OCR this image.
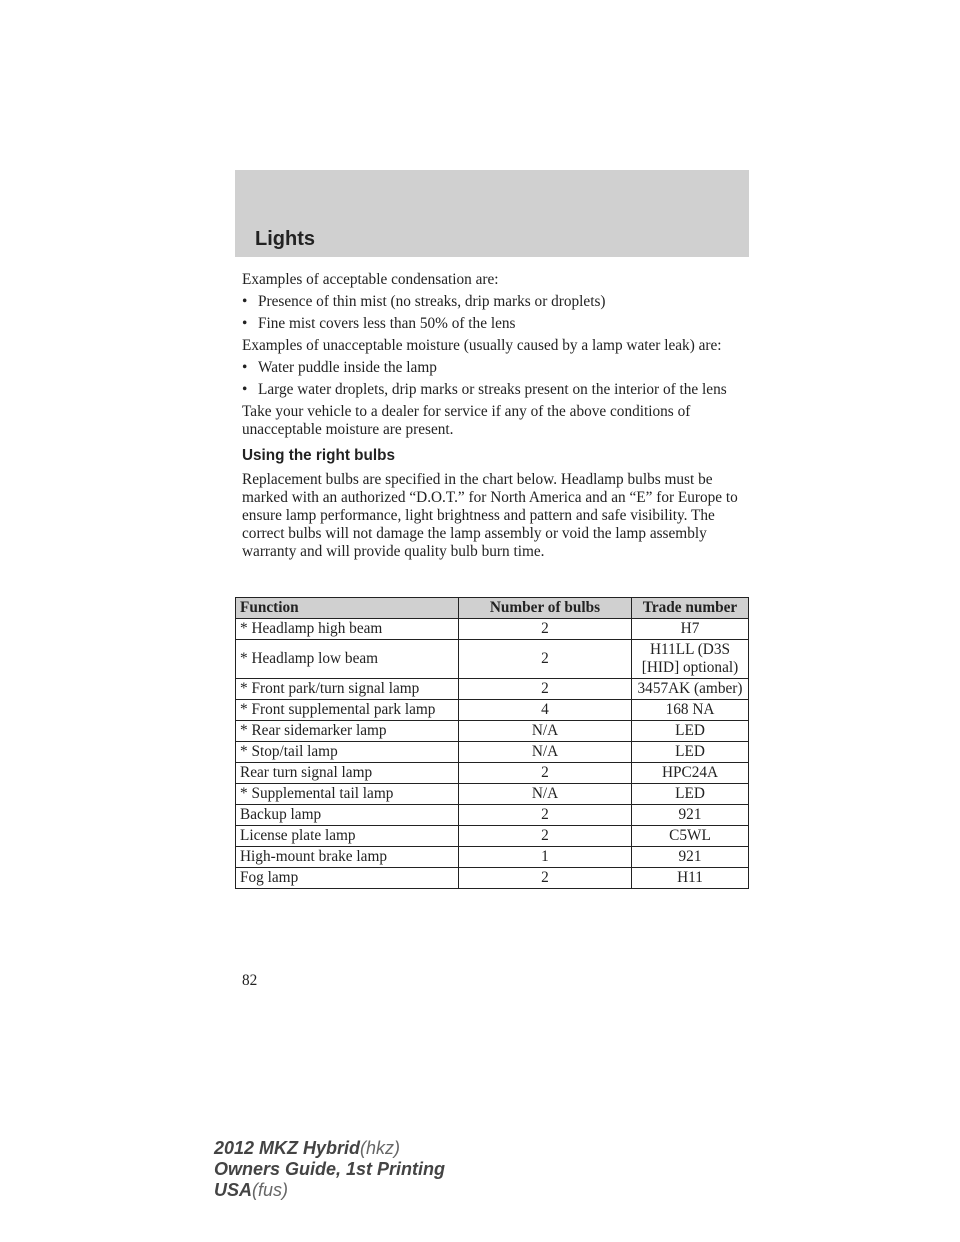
Lights

Examples of acceptable condensation are:

• Presence of thin mist (no streaks, drip marks or droplets)
• Fine mist covers less than 50% of the lens

Examples of unacceptable moisture (usually caused by a lamp water leak) are:

• Water puddle inside the lamp
• Large water droplets, drip marks or streaks present on the interior of the lens

Take your vehicle to a dealer for service if any of the above conditions of unacceptable moisture are present.

Using the right bulbs

Replacement bulbs are specified in the chart below. Headlamp bulbs must be marked with an authorized “D.O.T.” for North America and an “E” for Europe to ensure lamp performance, light brightness and pattern and safe visibility. The correct bulbs will not damage the lamp assembly or void the lamp assembly warranty and will provide quality bulb burn time.

Function	Number of bulbs	Trade number
* Headlamp high beam	2	H7
* Headlamp low beam	2	H11LL (D3S [HID] optional)
* Front park/turn signal lamp	2	3457AK (amber)
* Front supplemental park lamp	4	168 NA
* Rear sidemarker lamp	N/A	LED
* Stop/tail lamp	N/A	LED
Rear turn signal lamp	2	HPC24A
* Supplemental tail lamp	N/A	LED
Backup lamp	2	921
License plate lamp	2	C5WL
High-mount brake lamp	1	921
Fog lamp	2	H11
82
2012 MKZ Hybrid(hkz)
Owners Guide, 1st Printing
USA(fus)
